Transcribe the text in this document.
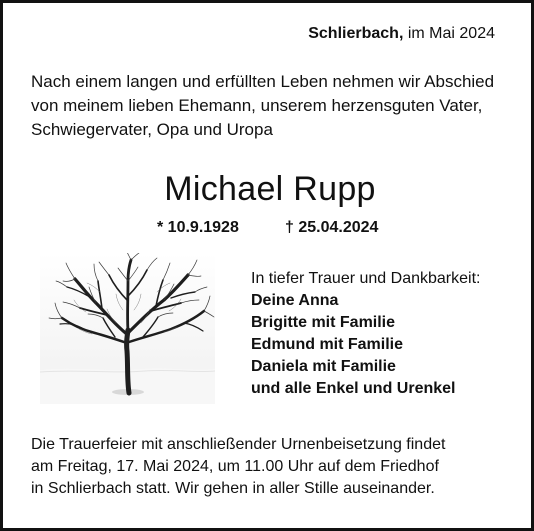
Schlierbach, im Mai 2024
Nach einem langen und erfüllten Leben nehmen wir Abschied
von meinem lieben Ehemann, unserem herzensguten Vater,
Schwiegervater, Opa und Uropa
Michael Rupp
* 10.9.1928	† 25.04.2024
In tiefer Trauer und Dankbarkeit:
Deine Anna
Brigitte mit Familie
Edmund mit Familie
Daniela mit Familie
und alle Enkel und Urenkel
Die Trauerfeier mit anschließender Urnenbeisetzung findet
am Freitag, 17. Mai 2024, um 11.00 Uhr auf dem Friedhof
in Schlierbach statt. Wir gehen in aller Stille auseinander.
